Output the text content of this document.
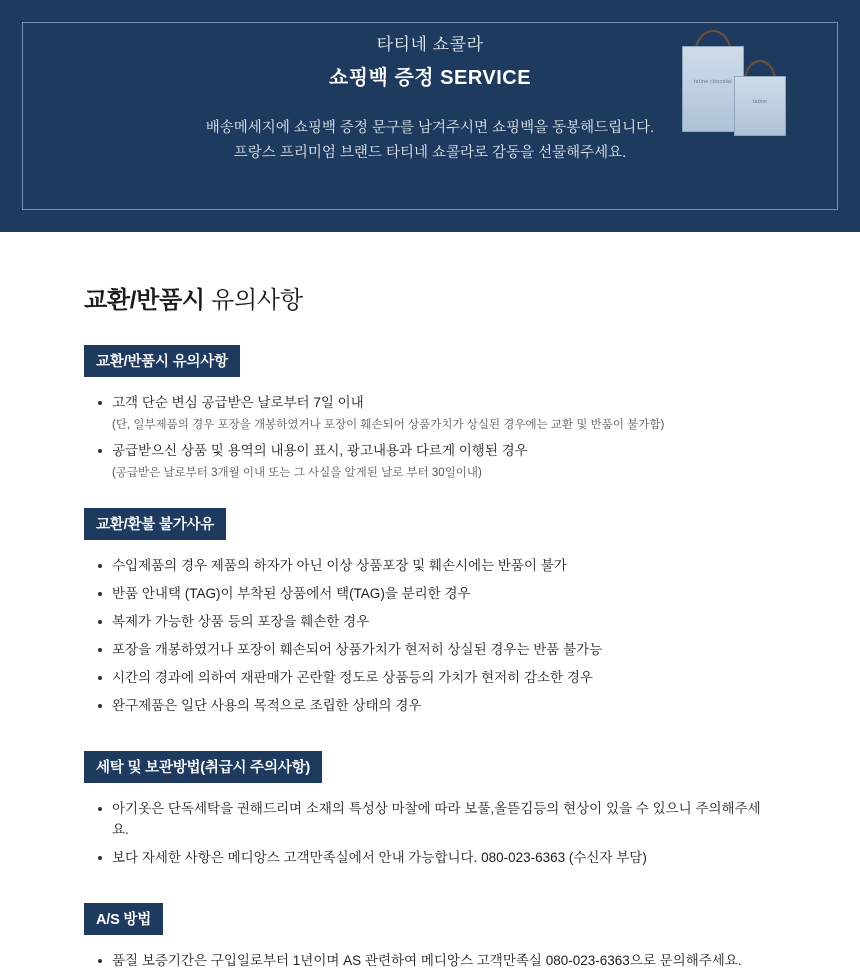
타티네 쇼콜라
쇼핑백 증정 SERVICE
배송메세지에 쇼핑백 증정 문구를 남겨주시면 쇼핑백을 동봉해드립니다.
프랑스 프리미엄 브랜드 타티네 쇼콜라로 감동을 선물해주세요.
tatine chocolat
tatine
교환/반품시 유의사항
교환/반품시 유의사항
고객 단순 변심 공급받은 날로부터 7일 이내
(단, 일부제품의 경우 포장을 개봉하였거나 포장이 훼손되어 상품가치가 상실된 경우에는 교환 및 반품이 불가함)
공급받으신 상품 및 용역의 내용이 표시, 광고내용과 다르게 이행된 경우
(공급받은 날로부터 3개월 이내 또는 그 사실을 알게된 날로 부터 30일이내)
교환/환불 불가사유
수입제품의 경우 제품의 하자가 아닌 이상 상품포장 및 훼손시에는 반품이 불가
반품 안내택 (TAG)이 부착된 상품에서 택(TAG)을 분리한 경우
복제가 가능한 상품 등의 포장을 훼손한 경우
포장을 개봉하였거나 포장이 훼손되어 상품가치가 현저히 상실된 경우는 반품 불가능
시간의 경과에 의하여 재판매가 곤란할 정도로 상품등의 가치가 현저히 감소한 경우
완구제품은 일단 사용의 목적으로 조립한 상태의 경우
세탁 및 보관방법(취급시 주의사항)
아기옷은 단독세탁을 권해드리며 소재의 특성상 마찰에 따라 보풀,올뜯김등의 현상이 있을 수 있으니 주의해주세요.
보다 자세한 사항은 메디앙스 고객만족실에서 안내 가능합니다. 080-023-6363 (수신자 부담)
A/S 방법
품질 보증기간은 구입일로부터 1년이며 AS 관련하여 메디앙스 고객만족실 080-023-6363으로 문의해주세요.
